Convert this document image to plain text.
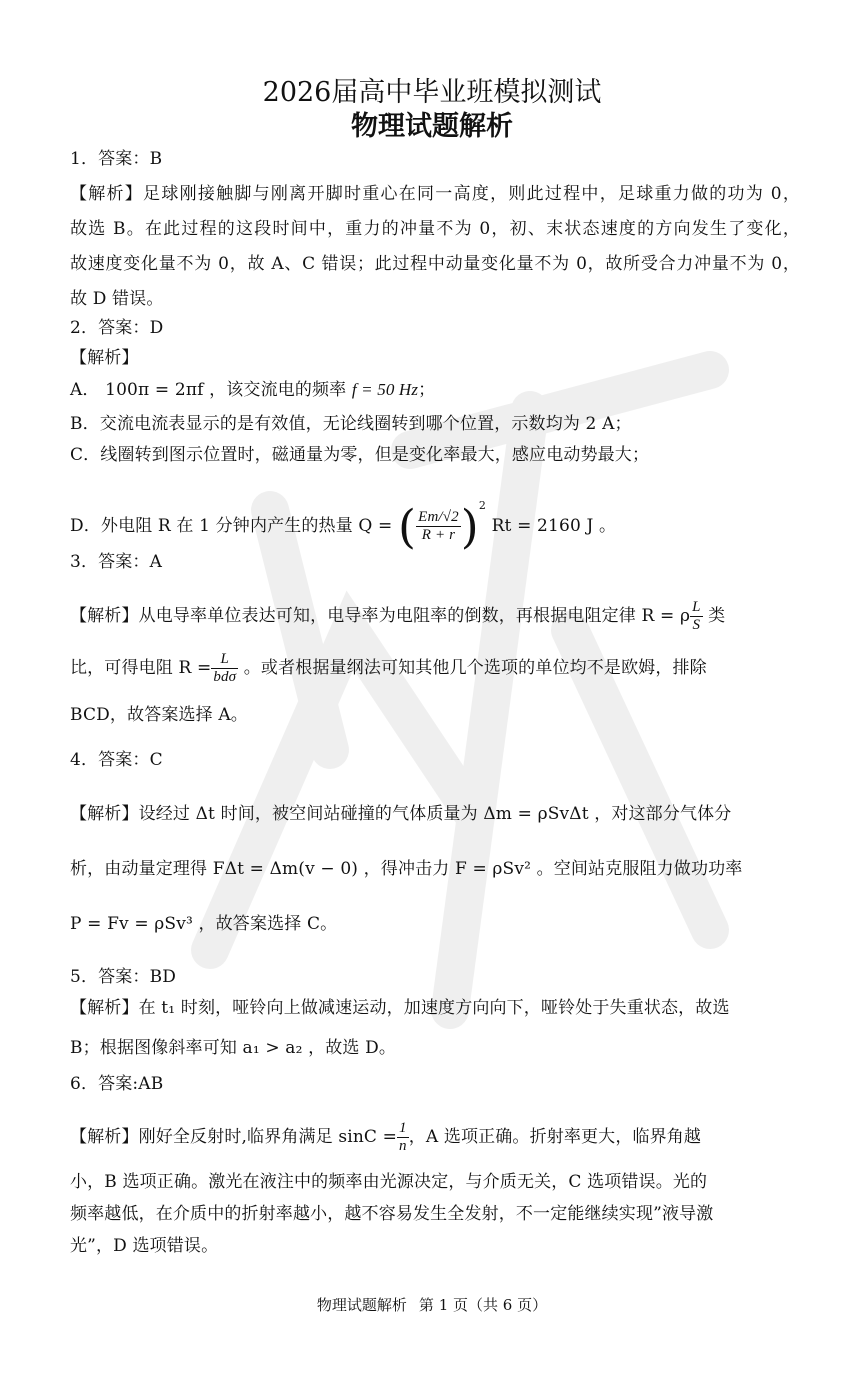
2026届高中毕业班模拟测试
物理试题解析
1．答案：B
【解析】足球刚接触脚与刚离开脚时重心在同一高度，则此过程中，足球重力做的功为 0，
故选 B。在此过程的这段时间中，重力的冲量不为 0，初、末状态速度的方向发生了变化，
故速度变化量不为 0，故 A、C 错误；此过程中动量变化量不为 0，故所受合力冲量不为 0，
故 D 错误。
2．答案：D
【解析】
A． 100π = 2πf ，该交流电的频率 f = 50 Hz；
B．交流电流表显示的是有效值，无论线圈转到哪个位置，示数均为 2 A；
C．线圈转到图示位置时，磁通量为零，但是变化率最大，感应电动势最大；
D．外电阻 R 在 1 分钟内产生的热量 Q = ( $\frac{Em/√2}{R + r} )^2$ Rt = 2160 J 。
3．答案：A
【解析】从电导率单位表达可知，电导率为电阻率的倒数，再根据电阻定律 R = ρ $\frac{L}{S}$ 类
比，可得电阻 $R = \frac{L}{\text{bdσ}}$ 。或者根据量纲法可知其他几个选项的单位均不是欧姆，排除
BCD，故答案选择 A。
4．答案：C
【解析】设经过 Δt 时间，被空间站碰撞的气体质量为 Δm = ρSvΔt ，对这部分气体分
析，由动量定理得 FΔt = Δm(v − 0) ，得冲击力 F = ρSv² 。空间站克服阻力做功功率
P = Fv = ρSv³ ，故答案选择 C。
5．答案：BD
【解析】在 t₁ 时刻，哑铃向上做减速运动，加速度方向向下，哑铃处于失重状态，故选
B；根据图像斜率可知 a₁ > a₂ ，故选 D。
6．答案:AB
【解析】刚好全反射时,临界角满足 $\sin C = \frac{1}{n}$ ，A 选项正确。折射率更大，临界角越
小，B 选项正确。激光在液注中的频率由光源决定，与介质无关，C 选项错误。光的
频率越低，在介质中的折射率越小，越不容易发生全发射，不一定能继续实现”液导激
光”，D 选项错误。
物理试题解析 第 1 页（共 6 页）
